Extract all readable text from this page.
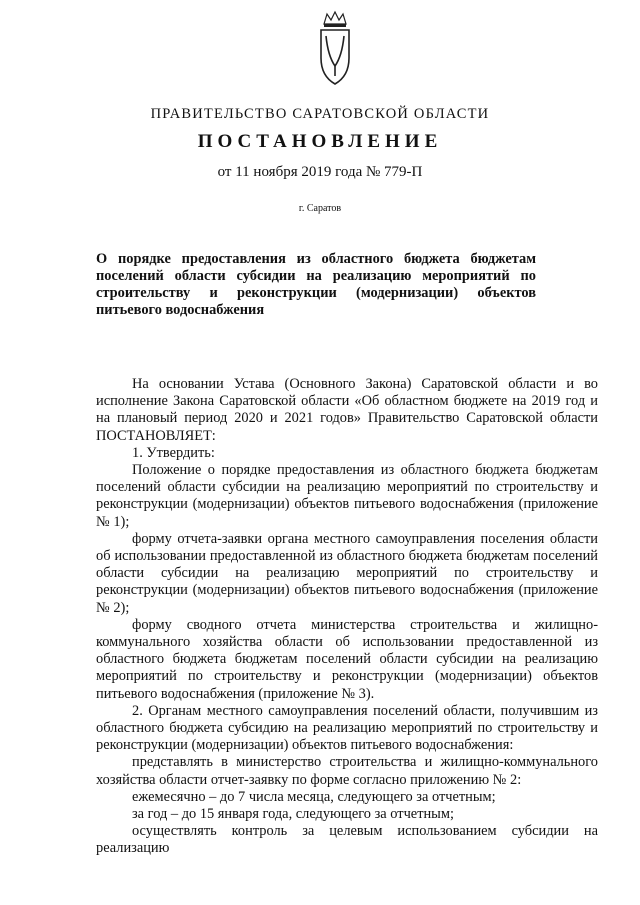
ПРАВИТЕЛЬСТВО САРАТОВСКОЙ ОБЛАСТИ
ПОСТАНОВЛЕНИЕ
от 11 ноября 2019 года № 779-П
г. Саратов
О порядке предоставления из областного бюджета бюджетам поселений области субсидии на реализацию мероприятий по строительству и реконструкции (модернизации) объектов питьевого водоснабжения

На основании Устава (Основного Закона) Саратовской области и во исполнение Закона Саратовской области «Об областном бюджете на 2019 год и на плановый период 2020 и 2021 годов» Правительство Саратовской области ПОСТАНОВЛЯЕТ:

1. Утвердить:

Положение о порядке предоставления из областного бюджета бюджетам поселений области субсидии на реализацию мероприятий по строительству и реконструкции (модернизации) объектов питьевого водоснабжения (приложение № 1);

форму отчета-заявки органа местного самоуправления поселения области об использовании предоставленной из областного бюджета бюджетам поселений области субсидии на реализацию мероприятий по строительству и реконструкции (модернизации) объектов питьевого водоснабжения (приложение № 2);

форму сводного отчета министерства строительства и жилищно-коммунального хозяйства области об использовании предоставленной из областного бюджета бюджетам поселений области субсидии на реализацию мероприятий по строительству и реконструкции (модернизации) объектов питьевого водоснабжения (приложение № 3).

2. Органам местного самоуправления поселений области, получившим из областного бюджета субсидию на реализацию мероприятий по строительству и реконструкции (модернизации) объектов питьевого водоснабжения:

представлять в министерство строительства и жилищно-коммунального хозяйства области отчет-заявку по форме согласно приложению № 2:

ежемесячно – до 7 числа месяца, следующего за отчетным;

за год – до 15 января года, следующего за отчетным;

осуществлять контроль за целевым использованием субсидии на реализацию
